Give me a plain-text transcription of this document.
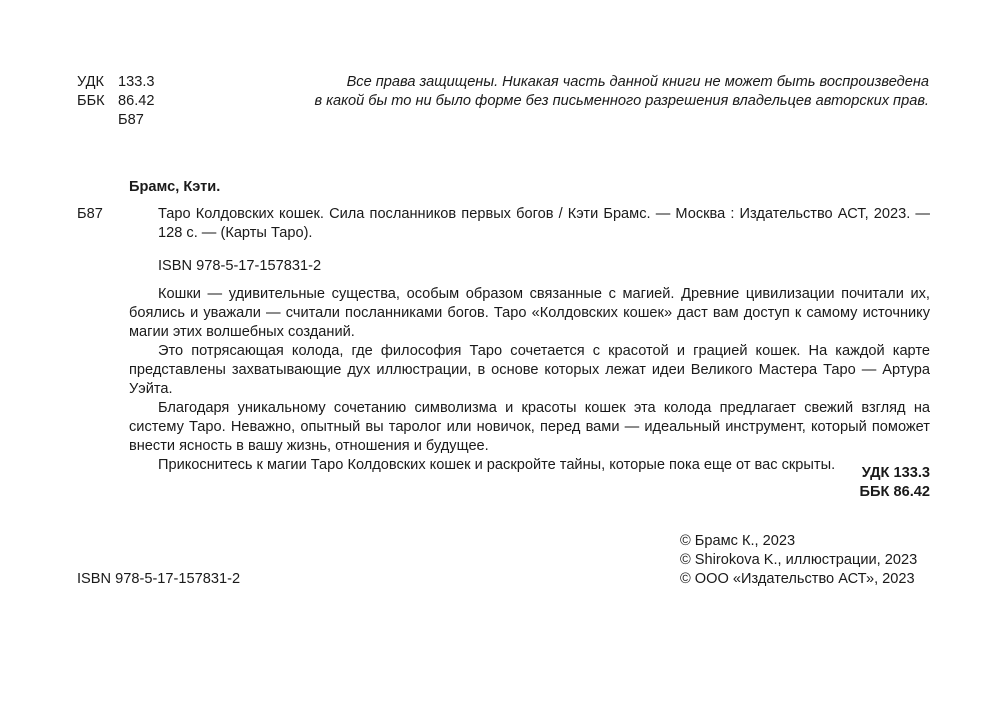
УДК 133.3
ББК 86.42
Б87
Все права защищены. Никакая часть данной книги не может быть воспроизведена
в какой бы то ни было форме без письменного разрешения владельцев авторских прав.
Брамс, Кэти.
Б87	Таро Колдовских кошек. Сила посланников первых богов / Кэти Брамс. — Москва : Издательство АСТ, 2023. — 128 с. — (Карты Таро).
ISBN 978-5-17-157831-2

Кошки — удивительные существа, особым образом связанные с магией. Древние цивилизации почитали их, боялись и уважали — считали посланниками богов. Таро «Колдовских кошек» даст вам доступ к самому источнику магии этих волшебных созданий.

Это потрясающая колода, где философия Таро сочетается с красотой и грацией кошек. На каждой карте представлены захватывающие дух иллюстрации, в основе которых лежат идеи Великого Мастера Таро — Артура Уэйта.

Благодаря уникальному сочетанию символизма и красоты кошек эта колода предлагает свежий взгляд на систему Таро. Неважно, опытный вы таролог или новичок, перед вами — идеальный инструмент, который поможет внести ясность в вашу жизнь, отношения и будущее.

Прикоснитесь к магии Таро Колдовских кошек и раскройте тайны, которые пока еще от вас скрыты.	УДК 133.3
ББК 86.42
© Брамс К., 2023
© Shirokova K., иллюстрации, 2023
© ООО «Издательство АСТ», 2023
ISBN 978-5-17-157831-2
